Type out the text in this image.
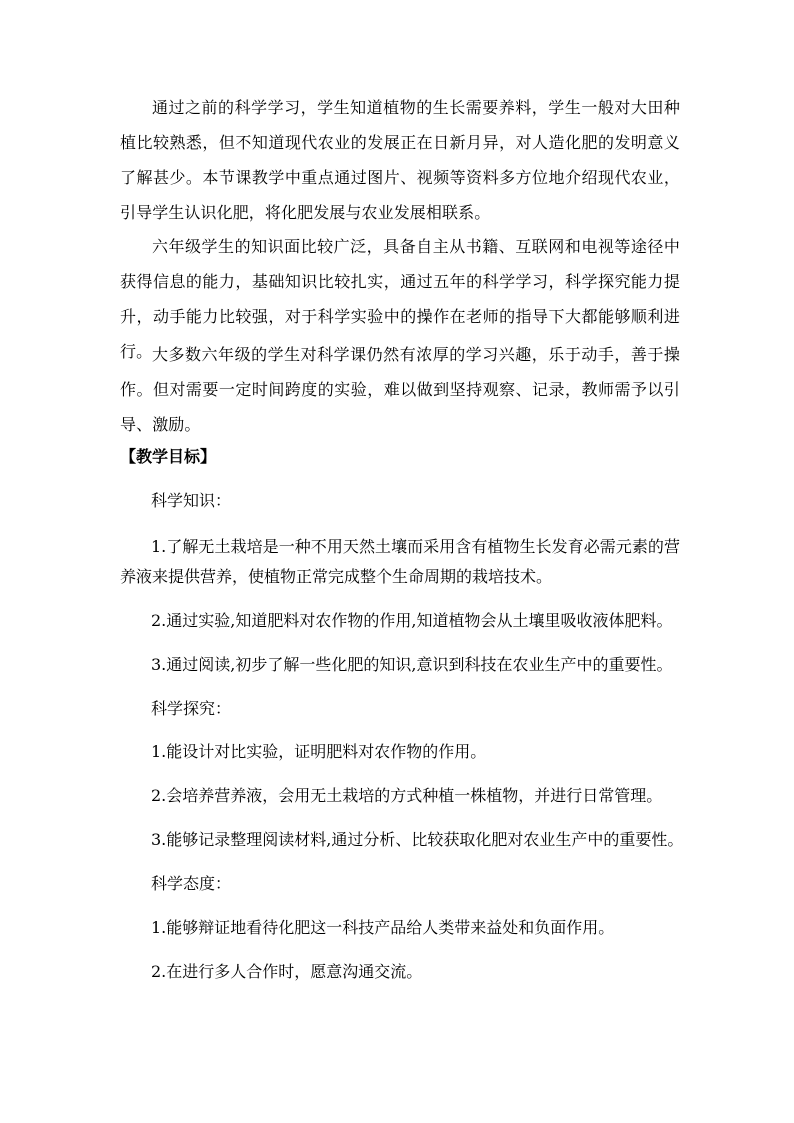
通过之前的科学学习，学生知道植物的生长需要养料，学生一般对大田种植比较熟悉，但不知道现代农业的发展正在日新月异，对人造化肥的发明意义了解甚少。本节课教学中重点通过图片、视频等资料多方位地介绍现代农业，引导学生认识化肥，将化肥发展与农业发展相联系。

六年级学生的知识面比较广泛，具备自主从书籍、互联网和电视等途径中获得信息的能力，基础知识比较扎实，通过五年的科学学习，科学探究能力提升，动手能力比较强，对于科学实验中的操作在老师的指导下大都能够顺利进行。 大多数六年级的学生对科学课仍然有浓厚的学习兴趣，乐于动手，善于操作。但对需要一定时间跨度的实验，难以做到坚持观察、记录，教师需予以引导、激励。

【教学目标】

科学知识：

1.了解无土栽培是一种不用天然土壤而采用含有植物生长发育必需元素的营养液来提供营养，使植物正常完成整个生命周期的栽培技术。

2.通过实验,知道肥料对农作物的作用,知道植物会从土壤里吸收液体肥料。

3.通过阅读,初步了解一些化肥的知识,意识到科技在农业生产中的重要性。

科学探究：

1.能设计对比实验，证明肥料对农作物的作用。

2.会培养营养液，会用无土栽培的方式种植一株植物，并进行日常管理。

3.能够记录整理阅读材料,通过分析、比较获取化肥对农业生产中的重要性。

科学态度：

1.能够辩证地看待化肥这一科技产品给人类带来益处和负面作用。

2.在进行多人合作时，愿意沟通交流。
